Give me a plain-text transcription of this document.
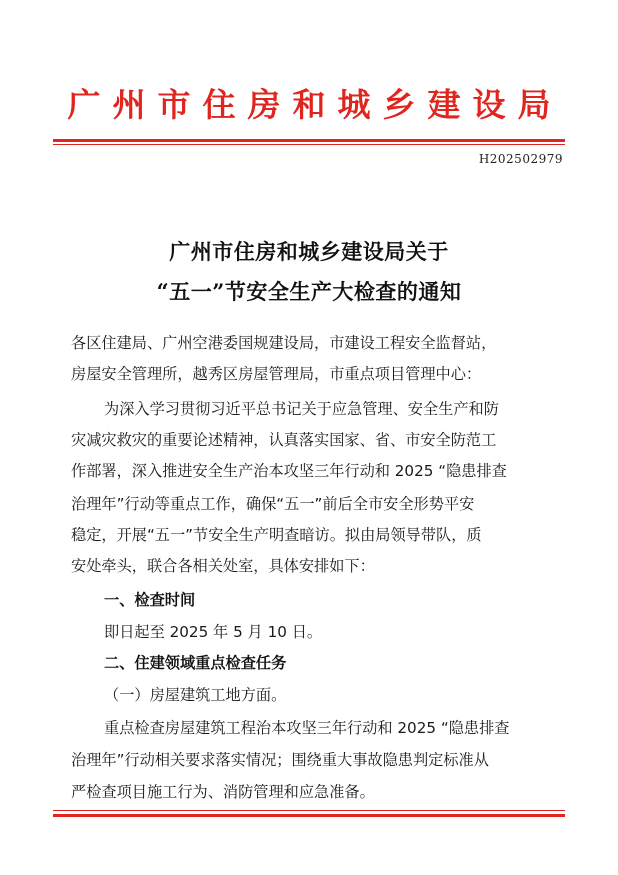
广州市住房和城乡建设局
H202502979
广州市住房和城乡建设局关于
“五一”节安全生产大检查的通知
各区住建局、广州空港委国规建设局，市建设工程安全监督站，
房屋安全管理所，越秀区房屋管理局，市重点项目管理中心：
为深入学习贯彻习近平总书记关于应急管理、安全生产和防
灾减灾救灾的重要论述精神，认真落实国家、省、市安全防范工
作部署，深入推进安全生产治本攻坚三年行动和 2025 “隐患排查
治理年”行动等重点工作，确保“五一”前后全市安全形势平安
稳定，开展“五一”节安全生产明查暗访。拟由局领导带队，质
安处牵头，联合各相关处室，具体安排如下：
一、检查时间
即日起至 2025 年 5 月 10 日。
二、住建领域重点检查任务
（一）房屋建筑工地方面。
重点检查房屋建筑工程治本攻坚三年行动和 2025 “隐患排查
治理年”行动相关要求落实情况；围绕重大事故隐患判定标准从
严检查项目施工行为、消防管理和应急准备。
